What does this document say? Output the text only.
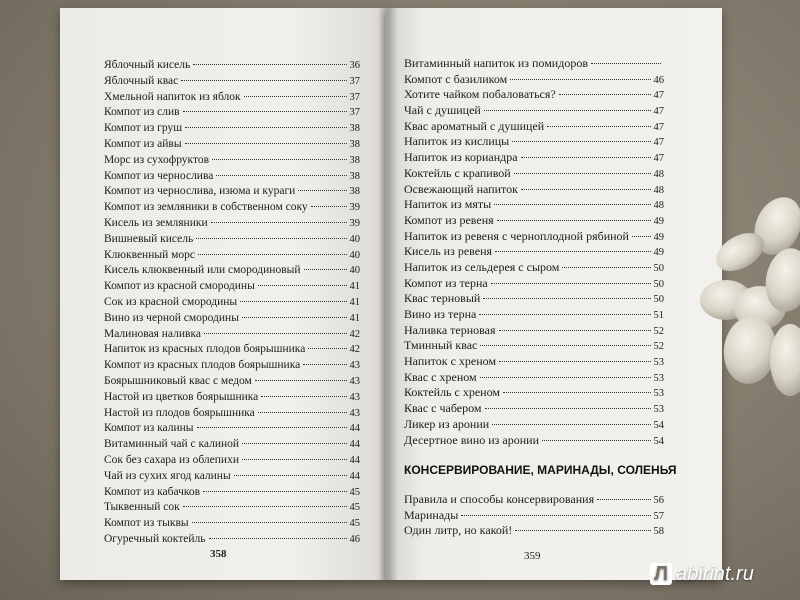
Яблочный кисель	36
Яблочный квас	37
Хмельной напиток из яблок	37
Компот из слив	37
Компот из груш	38
Компот из айвы	38
Морс из сухофруктов	38
Компот из чернослива	38
Компот из чернослива, изюма и кураги	38
Компот из земляники в собственном соку	39
Кисель из земляники	39
Вишневый кисель	40
Клюквенный морс	40
Кисель клюквенный или смородиновый	40
Компот из красной смородины	41
Сок из красной смородины	41
Вино из черной смородины	41
Малиновая наливка	42
Напиток из красных плодов боярышника	42
Компот из красных плодов боярышника	43
Боярышниковый квас с медом	43
Настой из цветков боярышника	43
Настой из плодов боярышника	43
Компот из калины	44
Витаминный чай с калиной	44
Сок без сахара из облепихи	44
Чай из сухих ягод калины	44
Компот из кабачков	45
Тыквенный сок	45
Компот из тыквы	45
Огуречный коктейль	46
358
Витаминный напиток из помидоров
Компот с базиликом	46
Хотите чайком побаловаться?	47
Чай с душицей	47
Квас ароматный с душицей	47
Напиток из кислицы	47
Напиток из кориандра	47
Коктейль с крапивой	48
Освежающий напиток	48
Напиток из мяты	48
Компот из ревеня	49
Напиток из ревеня с черноплодной рябиной 49
Кисель из ревеня	49
Напиток из сельдерея с сыром	50
Компот из терна	50
Квас терновый	50
Вино из терна	51
Наливка терновая	52
Тминный квас	52
Напиток с хреном	53
Квас с хреном	53
Коктейль с хреном	53
Квас с чабером	53
Ликер из аронии	54
Десертное вино из аронии	54
КОНСЕРВИРОВАНИЕ, МАРИНАДЫ, СОЛЕНЬЯ
Правила и способы консервирования	56
Маринады	57
Один литр, но какой!	58
359
Л abirint.ru
